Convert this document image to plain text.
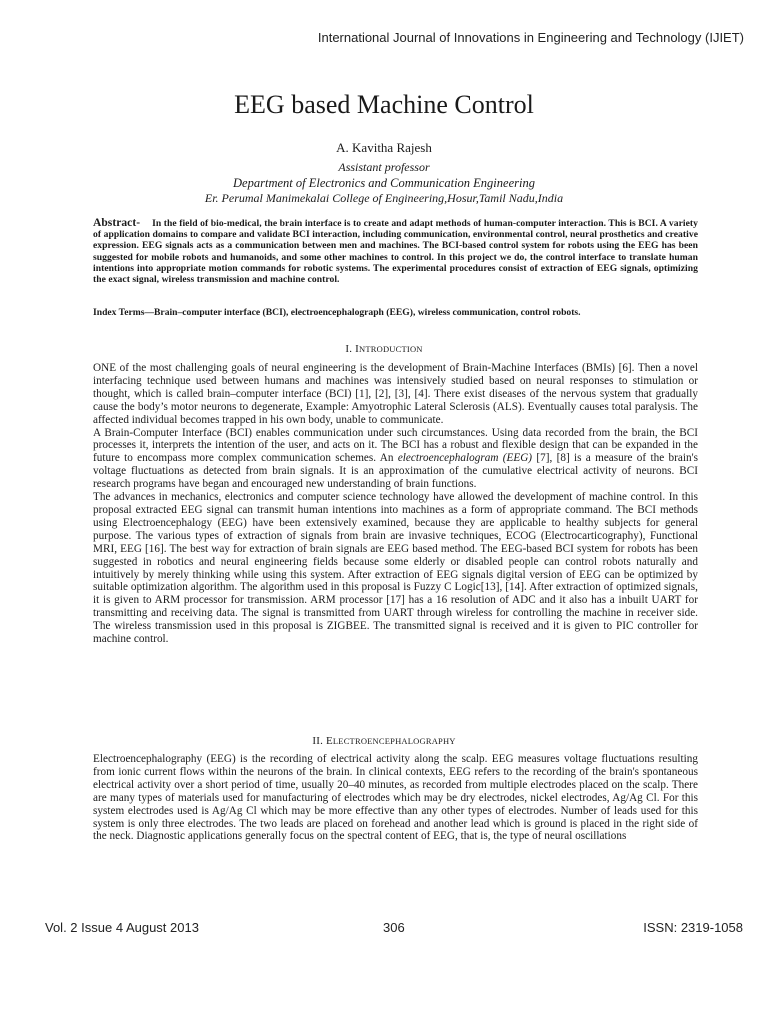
International Journal of Innovations in Engineering and Technology (IJIET)
EEG based Machine Control
A. Kavitha Rajesh
Assistant professor
Department of Electronics and Communication Engineering
Er. Perumal Manimekalai College of Engineering,Hosur,Tamil Nadu,India
Abstract- In the field of bio-medical, the brain interface is to create and adapt methods of human-computer interaction. This is BCI. A variety of application domains to compare and validate BCI interaction, including communication, environmental control, neural prosthetics and creative expression. EEG signals acts as a communication between men and machines. The BCI-based control system for robots using the EEG has been suggested for mobile robots and humanoids, and some other machines to control. In this project we do, the control interface to translate human intentions into appropriate motion commands for robotic systems. The experimental procedures consist of extraction of EEG signals, optimizing the exact signal, wireless transmission and machine control.
Index Terms—Brain–computer interface (BCI), electroencephalograph (EEG), wireless communication, control robots.
I. INTRODUCTION

ONE of the most challenging goals of neural engineering is the development of Brain-Machine Interfaces (BMIs) [6]. Then a novel interfacing technique used between humans and machines was intensively studied based on neural responses to stimulation or thought, which is called brain–computer interface (BCI) [1], [2], [3], [4]. There exist diseases of the nervous system that gradually cause the body’s motor neurons to degenerate, Example: Amyotrophic Lateral Sclerosis (ALS). Eventually causes total paralysis. The affected individual becomes trapped in his own body, unable to communicate.

A Brain-Computer Interface (BCI) enables communication under such circumstances. Using data recorded from the brain, the BCI processes it, interprets the intention of the user, and acts on it. The BCI has a robust and flexible design that can be expanded in the future to encompass more complex communication schemes. An electroencephalogram (EEG) [7], [8] is a measure of the brain's voltage fluctuations as detected from brain signals. It is an approximation of the cumulative electrical activity of neurons. BCI research programs have began and encouraged new understanding of brain functions.

The advances in mechanics, electronics and computer science technology have allowed the development of machine control. In this proposal extracted EEG signal can transmit human intentions into machines as a form of appropriate command. The BCI methods using Electroencephalogy (EEG) have been extensively examined, because they are applicable to healthy subjects for general purpose. The various types of extraction of signals from brain are invasive techniques, ECOG (Electrocarticography), Functional MRI, EEG [16]. The best way for extraction of brain signals are EEG based method. The EEG-based BCI system for robots has been suggested in robotics and neural engineering fields because some elderly or disabled people can control robots naturally and intuitively by merely thinking while using this system. After extraction of EEG signals digital version of EEG can be optimized by suitable optimization algorithm. The algorithm used in this proposal is Fuzzy C Logic[13], [14]. After extraction of optimized signals, it is given to ARM processor for transmission. ARM processor [17] has a 16 resolution of ADC and it also has a inbuilt UART for transmitting and receiving data. The signal is transmitted from UART through wireless for controlling the machine in receiver side. The wireless transmission used in this proposal is ZIGBEE. The transmitted signal is received and it is given to PIC controller for machine control.

II. ELECTROENCEPHALOGRAPHY

Electroencephalography (EEG) is the recording of electrical activity along the scalp. EEG measures voltage fluctuations resulting from ionic current flows within the neurons of the brain. In clinical contexts, EEG refers to the recording of the brain's spontaneous electrical activity over a short period of time, usually 20–40 minutes, as recorded from multiple electrodes placed on the scalp. There are many types of materials used for manufacturing of electrodes which may be dry electrodes, nickel electrodes, Ag/Ag Cl. For this system electrodes used is Ag/Ag Cl which may be more effective than any other types of electrodes. Number of leads used for this system is only three electrodes. The two leads are placed on forehead and another lead which is ground is placed in the right side of the neck. Diagnostic applications generally focus on the spectral content of EEG, that is, the type of neural oscillations

Vol. 2 Issue 4 August 2013	306	ISSN: 2319-1058
